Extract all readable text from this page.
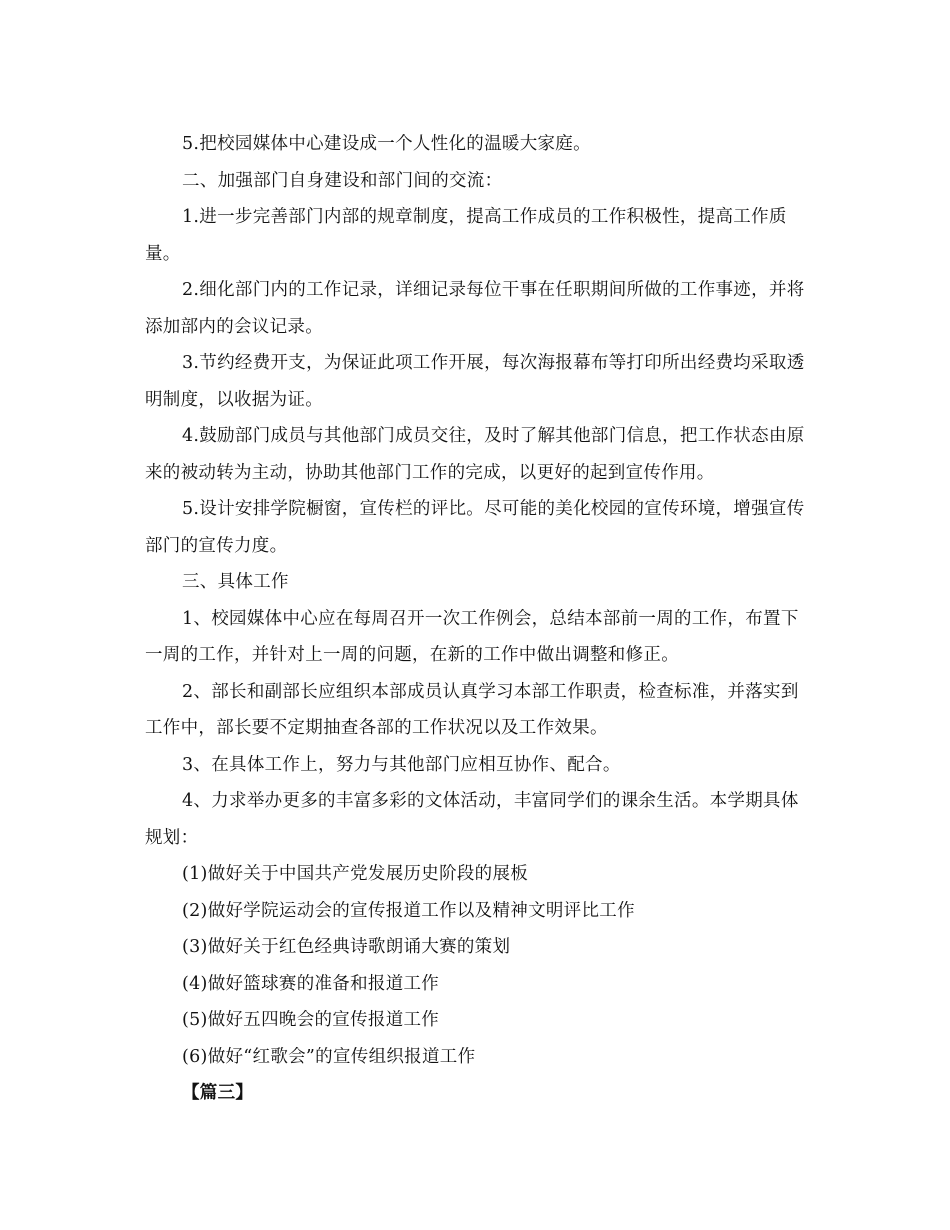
5.把校园媒体中心建设成一个人性化的温暖大家庭。

二、加强部门自身建设和部门间的交流：

1.进一步完善部门内部的规章制度，提高工作成员的工作积极性，提高工作质量。

2.细化部门内的工作记录，详细记录每位干事在任职期间所做的工作事迹，并将添加部内的会议记录。

3.节约经费开支，为保证此项工作开展，每次海报幕布等打印所出经费均采取透明制度，以收据为证。

4.鼓励部门成员与其他部门成员交往，及时了解其他部门信息，把工作状态由原来的被动转为主动，协助其他部门工作的完成，以更好的起到宣传作用。

5.设计安排学院橱窗，宣传栏的评比。尽可能的美化校园的宣传环境，增强宣传部门的宣传力度。

三、具体工作

1、校园媒体中心应在每周召开一次工作例会，总结本部前一周的工作，布置下一周的工作，并针对上一周的问题，在新的工作中做出调整和修正。

2、部长和副部长应组织本部成员认真学习本部工作职责，检查标准，并落实到工作中，部长要不定期抽查各部的工作状况以及工作效果。

3、在具体工作上，努力与其他部门应相互协作、配合。

4、力求举办更多的丰富多彩的文体活动，丰富同学们的课余生活。本学期具体规划：

(1)做好关于中国共产党发展历史阶段的展板

(2)做好学院运动会的宣传报道工作以及精神文明评比工作

(3)做好关于红色经典诗歌朗诵大赛的策划

(4)做好篮球赛的准备和报道工作

(5)做好五四晚会的宣传报道工作

(6)做好“红歌会”的宣传组织报道工作

【篇三】
